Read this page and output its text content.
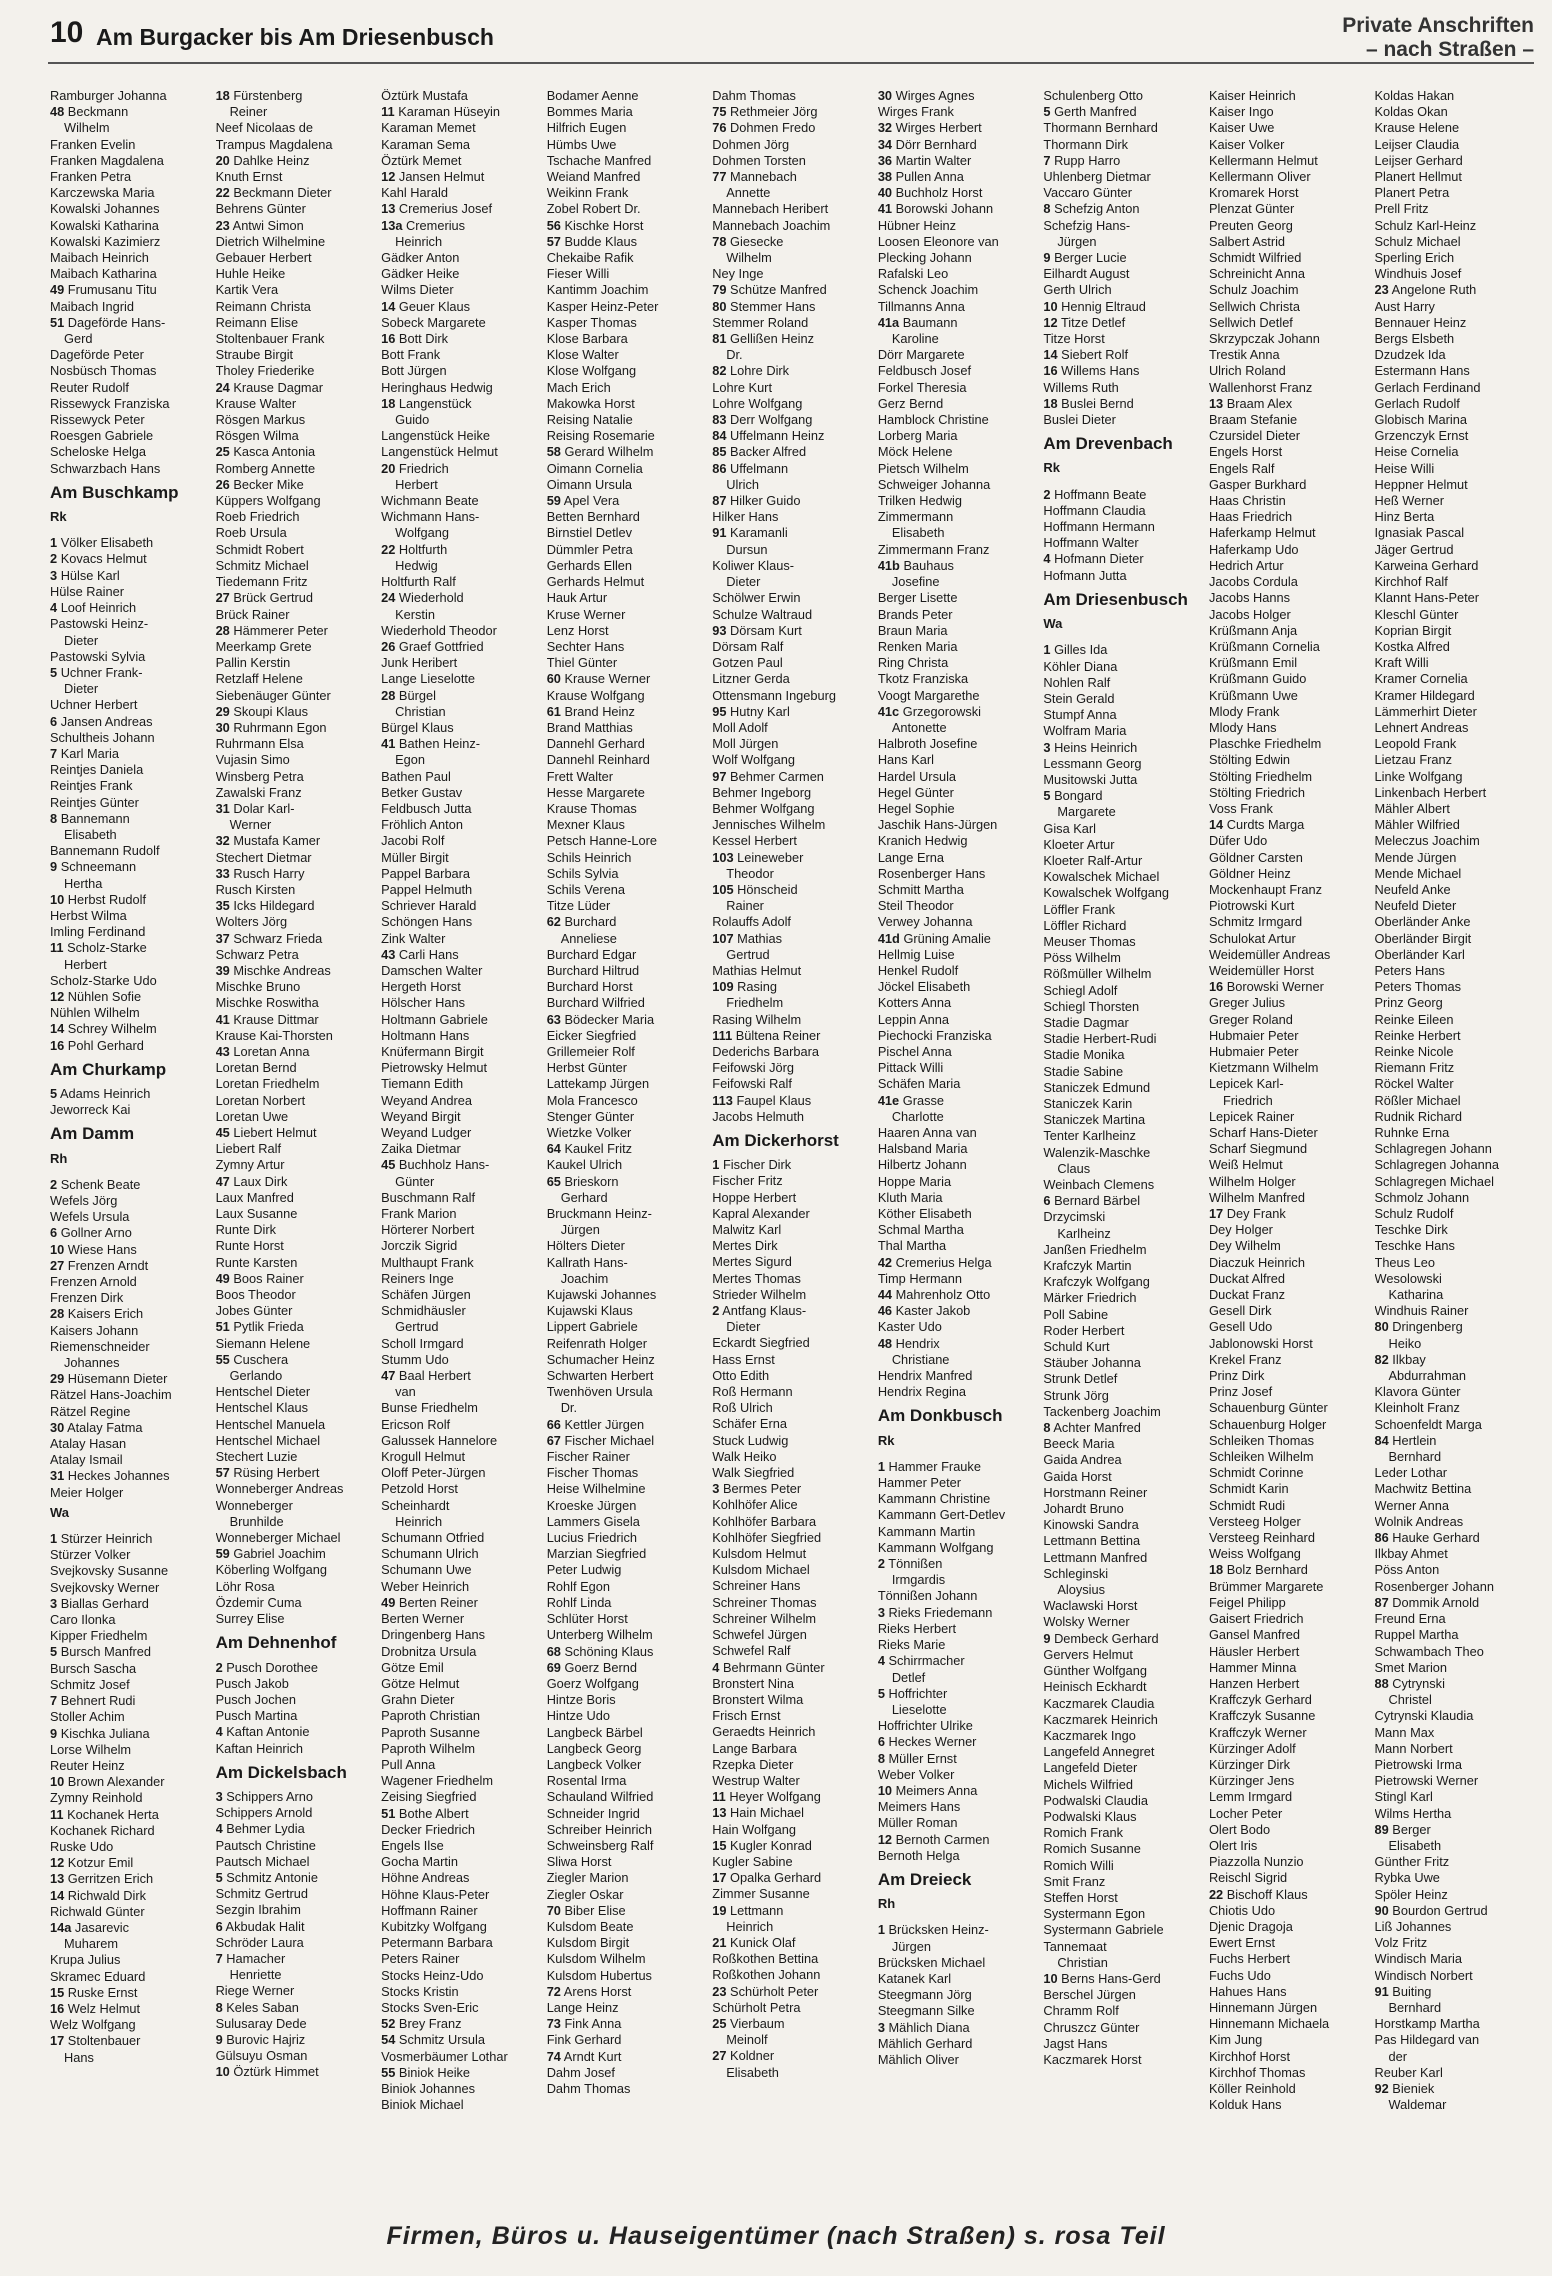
10 Am Burgacker bis Am Driesenbusch	Private Anschriften
– nach Straßen –
Ramburger Johanna
48 Beckmann
Wilhelm
Franken Evelin
Franken Magdalena
Franken Petra
Karczewska Maria
Kowalski Johannes
Kowalski Katharina
Kowalski Kazimierz
Maibach Heinrich
Maibach Katharina
49 Frumusanu Titu
Maibach Ingrid
51 Dageförde Hans-
Gerd
Dageförde Peter
Nosbüsch Thomas
Reuter Rudolf
Rissewyck Franziska
Rissewyck Peter
Roesgen Gabriele
Scheloske Helga
Schwarzbach Hans
Am Buschkamp
Rk
1 Völker Elisabeth
2 Kovacs Helmut
3 Hülse Karl
Hülse Rainer
4 Loof Heinrich
Pastowski Heinz-
Dieter
Pastowski Sylvia
5 Uchner Frank-
Dieter
Uchner Herbert
6 Jansen Andreas
Schultheis Johann
7 Karl Maria
Reintjes Daniela
Reintjes Frank
Reintjes Günter
8 Bannemann
Elisabeth
Bannemann Rudolf
9 Schneemann
Hertha
10 Herbst Rudolf
Herbst Wilma
Imling Ferdinand
11 Scholz-Starke
Herbert
Scholz-Starke Udo
12 Nühlen Sofie
Nühlen Wilhelm
14 Schrey Wilhelm
16 Pohl Gerhard
Am Churkamp
5 Adams Heinrich
Jeworreck Kai
Am Damm
Rh
2 Schenk Beate
Wefels Jörg
Wefels Ursula
6 Gollner Arno
10 Wiese Hans
27 Frenzen Arndt
Frenzen Arnold
Frenzen Dirk
28 Kaisers Erich
Kaisers Johann
Riemenschneider
Johannes
29 Hüsemann Dieter
Rätzel Hans-Joachim
Rätzel Regine
30 Atalay Fatma
Atalay Hasan
Atalay Ismail
31 Heckes Johannes
Meier Holger
Wa
1 Stürzer Heinrich
Stürzer Volker
Svejkovsky Susanne
Svejkovsky Werner
3 Biallas Gerhard
Caro Ilonka
Kipper Friedhelm
5 Bursch Manfred
Bursch Sascha
Schmitz Josef
7 Behnert Rudi
Stoller Achim
9 Kischka Juliana
Lorse Wilhelm
Reuter Heinz
10 Brown Alexander
Zymny Reinhold
11 Kochanek Herta
Kochanek Richard
Ruske Udo
12 Kotzur Emil
13 Gerritzen Erich
14 Richwald Dirk
Richwald Günter
14a Jasarevic
Muharem
Krupa Julius
Skramec Eduard
15 Ruske Ernst
16 Welz Helmut
Welz Wolfgang
17 Stoltenbauer
Hans
18 Fürstenberg
Reiner
Neef Nicolaas de
Trampus Magdalena
20 Dahlke Heinz
Knuth Ernst
22 Beckmann Dieter
Behrens Günter
23 Antwi Simon
Dietrich Wilhelmine
Gebauer Herbert
Huhle Heike
Kartik Vera
Reimann Christa
Reimann Elise
Stoltenbauer Frank
Straube Birgit
Tholey Friederike
24 Krause Dagmar
Krause Walter
Rösgen Markus
Rösgen Wilma
25 Kasca Antonia
Romberg Annette
26 Becker Mike
Küppers Wolfgang
Roeb Friedrich
Roeb Ursula
Schmidt Robert
Schmitz Michael
Tiedemann Fritz
27 Brück Gertrud
Brück Rainer
28 Hämmerer Peter
Meerkamp Grete
Pallin Kerstin
Retzlaff Helene
Siebenäuger Günter
29 Skoupi Klaus
30 Ruhrmann Egon
Ruhrmann Elsa
Vujasin Simo
Winsberg Petra
Zawalski Franz
31 Dolar Karl-
Werner
32 Mustafa Kamer
Stechert Dietmar
33 Rusch Harry
Rusch Kirsten
35 Icks Hildegard
Wolters Jörg
37 Schwarz Frieda
Schwarz Petra
39 Mischke Andreas
Mischke Bruno
Mischke Roswitha
41 Krause Dittmar
Krause Kai-Thorsten
43 Loretan Anna
Loretan Bernd
Loretan Friedhelm
Loretan Norbert
Loretan Uwe
45 Liebert Helmut
Liebert Ralf
Zymny Artur
47 Laux Dirk
Laux Manfred
Laux Susanne
Runte Dirk
Runte Horst
Runte Karsten
49 Boos Rainer
Boos Theodor
Jobes Günter
51 Pytlik Frieda
Siemann Helene
55 Cuschera
Gerlando
Hentschel Dieter
Hentschel Klaus
Hentschel Manuela
Hentschel Michael
Stechert Luzie
57 Rüsing Herbert
Wonneberger Andreas
Wonneberger
Brunhilde
Wonneberger Michael
59 Gabriel Joachim
Köberling Wolfgang
Löhr Rosa
Özdemir Cuma
Surrey Elise
Am Dehnenhof
2 Pusch Dorothee
Pusch Jakob
Pusch Jochen
Pusch Martina
4 Kaftan Antonie
Kaftan Heinrich
Am Dickelsbach
3 Schippers Arno
Schippers Arnold
4 Behmer Lydia
Pautsch Christine
Pautsch Michael
5 Schmitz Antonie
Schmitz Gertrud
Sezgin Ibrahim
6 Akbudak Halit
Schröder Laura
7 Hamacher
Henriette
Riege Werner
8 Keles Saban
Sulusaray Dede
9 Burovic Hajriz
Gülsuyu Osman
10 Öztürk Himmet
Öztürk Mustafa
11 Karaman Hüseyin
Karaman Memet
Karaman Sema
Öztürk Memet
12 Jansen Helmut
Kahl Harald
13 Cremerius Josef
13a Cremerius
Heinrich
Gädker Anton
Gädker Heike
Wilms Dieter
14 Geuer Klaus
Sobeck Margarete
16 Bott Dirk
Bott Frank
Bott Jürgen
Heringhaus Hedwig
18 Langenstück
Guido
Langenstück Heike
Langenstück Helmut
20 Friedrich
Herbert
Wichmann Beate
Wichmann Hans-
Wolfgang
22 Holtfurth
Hedwig
Holtfurth Ralf
24 Wiederhold
Kerstin
Wiederhold Theodor
26 Graef Gottfried
Junk Heribert
Lange Lieselotte
28 Bürgel
Christian
Bürgel Klaus
41 Bathen Heinz-
Egon
Bathen Paul
Betker Gustav
Feldbusch Jutta
Fröhlich Anton
Jacobi Rolf
Müller Birgit
Pappel Barbara
Pappel Helmuth
Schriever Harald
Schöngen Hans
Zink Walter
43 Carli Hans
Damschen Walter
Hergeth Horst
Hölscher Hans
Holtmann Gabriele
Holtmann Hans
Knüfermann Birgit
Pietrowsky Helmut
Tiemann Edith
Weyand Andrea
Weyand Birgit
Weyand Ludger
Zaika Dietmar
45 Buchholz Hans-
Günter
Buschmann Ralf
Frank Marion
Hörterer Norbert
Jorczik Sigrid
Multhaupt Frank
Reiners Inge
Schäfen Jürgen
Schmidhäusler
Gertrud
Scholl Irmgard
Stumm Udo
47 Baal Herbert
van
Bunse Friedhelm
Ericson Rolf
Galussek Hannelore
Krogull Helmut
Oloff Peter-Jürgen
Petzold Horst
Scheinhardt
Heinrich
Schumann Otfried
Schumann Ulrich
Schumann Uwe
Weber Heinrich
49 Berten Reiner
Berten Werner
Dringenberg Hans
Drobnitza Ursula
Götze Emil
Götze Helmut
Grahn Dieter
Paproth Christian
Paproth Susanne
Paproth Wilhelm
Pull Anna
Wagener Friedhelm
Zeising Siegfried
51 Bothe Albert
Decker Friedrich
Engels Ilse
Gocha Martin
Höhne Andreas
Höhne Klaus-Peter
Hoffmann Rainer
Kubitzky Wolfgang
Petermann Barbara
Peters Rainer
Stocks Heinz-Udo
Stocks Kristin
Stocks Sven-Eric
52 Brey Franz
54 Schmitz Ursula
Vosmerbäumer Lothar
55 Biniok Heike
Biniok Johannes
Biniok Michael
Bodamer Aenne
Bommes Maria
Hilfrich Eugen
Hümbs Uwe
Tschache Manfred
Weiand Manfred
Weikinn Frank
Zobel Robert Dr.
56 Kischke Horst
57 Budde Klaus
Chekaibe Rafik
Fieser Willi
Kantimm Joachim
Kasper Heinz-Peter
Kasper Thomas
Klose Barbara
Klose Walter
Klose Wolfgang
Mach Erich
Makowka Horst
Reising Natalie
Reising Rosemarie
58 Gerard Wilhelm
Oimann Cornelia
Oimann Ursula
59 Apel Vera
Betten Bernhard
Birnstiel Detlev
Dümmler Petra
Gerhards Ellen
Gerhards Helmut
Hauk Artur
Kruse Werner
Lenz Horst
Sechter Hans
Thiel Günter
60 Krause Werner
Krause Wolfgang
61 Brand Heinz
Brand Matthias
Dannehl Gerhard
Dannehl Reinhard
Frett Walter
Hesse Margarete
Krause Thomas
Mexner Klaus
Petsch Hanne-Lore
Schils Heinrich
Schils Sylvia
Schils Verena
Titze Lüder
62 Burchard
Anneliese
Burchard Edgar
Burchard Hiltrud
Burchard Horst
Burchard Wilfried
63 Bödecker Maria
Eicker Siegfried
Grillemeier Rolf
Herbst Günter
Lattekamp Jürgen
Mola Francesco
Stenger Günter
Wietzke Volker
64 Kaukel Fritz
Kaukel Ulrich
65 Brieskorn
Gerhard
Bruckmann Heinz-
Jürgen
Hölters Dieter
Kallrath Hans-
Joachim
Kujawski Johannes
Kujawski Klaus
Lippert Gabriele
Reifenrath Holger
Schumacher Heinz
Schwarten Herbert
Twenhöven Ursula
Dr.
66 Kettler Jürgen
67 Fischer Michael
Fischer Rainer
Fischer Thomas
Heise Wilhelmine
Kroeske Jürgen
Lammers Gisela
Lucius Friedrich
Marzian Siegfried
Peter Ludwig
Rohlf Egon
Rohlf Linda
Schlüter Horst
Unterberg Wilhelm
68 Schöning Klaus
69 Goerz Bernd
Goerz Wolfgang
Hintze Boris
Hintze Udo
Langbeck Bärbel
Langbeck Georg
Langbeck Volker
Rosental Irma
Schauland Wilfried
Schneider Ingrid
Schreiber Heinrich
Schweinsberg Ralf
Sliwa Horst
Ziegler Marion
Ziegler Oskar
70 Biber Elise
Kulsdom Beate
Kulsdom Birgit
Kulsdom Wilhelm
Kulsdom Hubertus
72 Arens Horst
Lange Heinz
73 Fink Anna
Fink Gerhard
74 Arndt Kurt
Dahm Josef
Dahm Thomas
Dahm Thomas
75 Rethmeier Jörg
76 Dohmen Fredo
Dohmen Jörg
Dohmen Torsten
77 Mannebach
Annette
Mannebach Heribert
Mannebach Joachim
78 Giesecke
Wilhelm
Ney Inge
79 Schütze Manfred
80 Stemmer Hans
Stemmer Roland
81 Gellißen Heinz
Dr.
82 Lohre Dirk
Lohre Kurt
Lohre Wolfgang
83 Derr Wolfgang
84 Uffelmann Heinz
85 Backer Alfred
86 Uffelmann
Ulrich
87 Hilker Guido
Hilker Hans
91 Karamanli
Dursun
Koliwer Klaus-
Dieter
Schölwer Erwin
Schulze Waltraud
93 Dörsam Kurt
Dörsam Ralf
Gotzen Paul
Litzner Gerda
Ottensmann Ingeburg
95 Hutny Karl
Moll Adolf
Moll Jürgen
Wolf Wolfgang
97 Behmer Carmen
Behmer Ingeborg
Behmer Wolfgang
Jennisches Wilhelm
Kessel Herbert
103 Leineweber
Theodor
105 Hönscheid
Rainer
Rolauffs Adolf
107 Mathias
Gertrud
Mathias Helmut
109 Rasing
Friedhelm
Rasing Wilhelm
111 Bültena Reiner
Dederichs Barbara
Feifowski Jörg
Feifowski Ralf
113 Faupel Klaus
Jacobs Helmuth
Am Dickerhorst
1 Fischer Dirk
Fischer Fritz
Hoppe Herbert
Kapral Alexander
Malwitz Karl
Mertes Dirk
Mertes Sigurd
Mertes Thomas
Strieder Wilhelm
2 Antfang Klaus-
Dieter
Eckardt Siegfried
Hass Ernst
Otto Edith
Roß Hermann
Roß Ulrich
Schäfer Erna
Stuck Ludwig
Walk Heiko
Walk Siegfried
3 Bermes Peter
Kohlhöfer Alice
Kohlhöfer Barbara
Kohlhöfer Siegfried
Kulsdom Helmut
Kulsdom Michael
Schreiner Hans
Schreiner Thomas
Schreiner Wilhelm
Schwefel Jürgen
Schwefel Ralf
4 Behrmann Günter
Bronstert Nina
Bronstert Wilma
Frisch Ernst
Geraedts Heinrich
Lange Barbara
Rzepka Dieter
Westrup Walter
11 Heyer Wolfgang
13 Hain Michael
Hain Wolfgang
15 Kugler Konrad
Kugler Sabine
17 Opalka Gerhard
Zimmer Susanne
19 Lettmann
Heinrich
21 Kunick Olaf
Roßkothen Bettina
Roßkothen Johann
23 Schürholt Peter
Schürholt Petra
25 Vierbaum
Meinolf
27 Koldner
Elisabeth
30 Wirges Agnes
Wirges Frank
32 Wirges Herbert
34 Dörr Bernhard
36 Martin Walter
38 Pullen Anna
40 Buchholz Horst
41 Borowski Johann
Hübner Heinz
Loosen Eleonore van
Plecking Johann
Rafalski Leo
Schenck Joachim
Tillmanns Anna
41a Baumann
Karoline
Dörr Margarete
Feldbusch Josef
Forkel Theresia
Gerz Bernd
Hamblock Christine
Lorberg Maria
Möck Helene
Pietsch Wilhelm
Schweiger Johanna
Trilken Hedwig
Zimmermann
Elisabeth
Zimmermann Franz
41b Bauhaus
Josefine
Berger Lisette
Brands Peter
Braun Maria
Renken Maria
Ring Christa
Tkotz Franziska
Voogt Margarethe
41c Grzegorowski
Antonette
Halbroth Josefine
Hans Karl
Hardel Ursula
Hegel Günter
Hegel Sophie
Jaschik Hans-Jürgen
Kranich Hedwig
Lange Erna
Rosenberger Hans
Schmitt Martha
Steil Theodor
Verwey Johanna
41d Grüning Amalie
Hellmig Luise
Henkel Rudolf
Jöckel Elisabeth
Kotters Anna
Leppin Anna
Piechocki Franziska
Pischel Anna
Pittack Willi
Schäfen Maria
41e Grasse
Charlotte
Haaren Anna van
Halsband Maria
Hilbertz Johann
Hoppe Maria
Kluth Maria
Köther Elisabeth
Schmal Martha
Thal Martha
42 Cremerius Helga
Timp Hermann
44 Mahrenholz Otto
46 Kaster Jakob
Kaster Udo
48 Hendrix
Christiane
Hendrix Manfred
Hendrix Regina
Am Donkbusch
Rk
1 Hammer Frauke
Hammer Peter
Kammann Christine
Kammann Gert-Detlev
Kammann Martin
Kammann Wolfgang
2 Tönnißen
Irmgardis
Tönnißen Johann
3 Rieks Friedemann
Rieks Herbert
Rieks Marie
4 Schirrmacher
Detlef
5 Hoffrichter
Lieselotte
Hoffrichter Ulrike
6 Heckes Werner
8 Müller Ernst
Weber Volker
10 Meimers Anna
Meimers Hans
Müller Roman
12 Bernoth Carmen
Bernoth Helga
Am Dreieck
Rh
1 Brücksken Heinz-
Jürgen
Brücksken Michael
Katanek Karl
Steegmann Jörg
Steegmann Silke
3 Mählich Diana
Mählich Gerhard
Mählich Oliver
Schulenberg Otto
5 Gerth Manfred
Thormann Bernhard
Thormann Dirk
7 Rupp Harro
Uhlenberg Dietmar
Vaccaro Günter
8 Schefzig Anton
Schefzig Hans-
Jürgen
9 Berger Lucie
Eilhardt August
Gerth Ulrich
10 Hennig Eltraud
12 Titze Detlef
Titze Horst
14 Siebert Rolf
16 Willems Hans
Willems Ruth
18 Buslei Bernd
Buslei Dieter
Am Drevenbach
Rk
2 Hoffmann Beate
Hoffmann Claudia
Hoffmann Hermann
Hoffmann Walter
4 Hofmann Dieter
Hofmann Jutta
Am Driesenbusch
Wa
1 Gilles Ida
Köhler Diana
Nohlen Ralf
Stein Gerald
Stumpf Anna
Wolfram Maria
3 Heins Heinrich
Lessmann Georg
Musitowski Jutta
5 Bongard
Margarete
Gisa Karl
Kloeter Artur
Kloeter Ralf-Artur
Kowalschek Michael
Kowalschek Wolfgang
Löffler Frank
Löffler Richard
Meuser Thomas
Pöss Wilhelm
Rößmüller Wilhelm
Schiegl Adolf
Schiegl Thorsten
Stadie Dagmar
Stadie Herbert-Rudi
Stadie Monika
Stadie Sabine
Staniczek Edmund
Staniczek Karin
Staniczek Martina
Tenter Karlheinz
Walenzik-Maschke
Claus
Weinbach Clemens
6 Bernard Bärbel
Drzycimski
Karlheinz
Janßen Friedhelm
Krafczyk Martin
Krafczyk Wolfgang
Märker Friedrich
Poll Sabine
Roder Herbert
Schuld Kurt
Stäuber Johanna
Strunk Detlef
Strunk Jörg
Tackenberg Joachim
8 Achter Manfred
Beeck Maria
Gaida Andrea
Gaida Horst
Horstmann Reiner
Johardt Bruno
Kinowski Sandra
Lettmann Bettina
Lettmann Manfred
Schleginski
Aloysius
Waclawski Horst
Wolsky Werner
9 Dembeck Gerhard
Gervers Helmut
Günther Wolfgang
Heinisch Eckhardt
Kaczmarek Claudia
Kaczmarek Heinrich
Kaczmarek Ingo
Langefeld Annegret
Langefeld Dieter
Michels Wilfried
Podwalski Claudia
Podwalski Klaus
Romich Frank
Romich Susanne
Romich Willi
Smit Franz
Steffen Horst
Systermann Egon
Systermann Gabriele
Tannemaat
Christian
10 Berns Hans-Gerd
Berschel Jürgen
Chramm Rolf
Chruszcz Günter
Jagst Hans
Kaczmarek Horst
Kaiser Heinrich
Kaiser Ingo
Kaiser Uwe
Kaiser Volker
Kellermann Helmut
Kellermann Oliver
Kromarek Horst
Plenzat Günter
Preuten Georg
Salbert Astrid
Schmidt Wilfried
Schreinicht Anna
Schulz Joachim
Sellwich Christa
Sellwich Detlef
Skrzypczak Johann
Trestik Anna
Ulrich Roland
Wallenhorst Franz
13 Braam Alex
Braam Stefanie
Czursidel Dieter
Engels Horst
Engels Ralf
Gasper Burkhard
Haas Christin
Haas Friedrich
Haferkamp Helmut
Haferkamp Udo
Hedrich Artur
Jacobs Cordula
Jacobs Hanns
Jacobs Holger
Krüßmann Anja
Krüßmann Cornelia
Krüßmann Emil
Krüßmann Guido
Krüßmann Uwe
Mlody Frank
Mlody Hans
Plaschke Friedhelm
Stölting Edwin
Stölting Friedhelm
Stölting Friedrich
Voss Frank
14 Curdts Marga
Düfer Udo
Göldner Carsten
Göldner Heinz
Mockenhaupt Franz
Piotrowski Kurt
Schmitz Irmgard
Schulokat Artur
Weidemüller Andreas
Weidemüller Horst
16 Borowski Werner
Greger Julius
Greger Roland
Hubmaier Peter
Hubmaier Peter
Kietzmann Wilhelm
Lepicek Karl-
Friedrich
Lepicek Rainer
Scharf Hans-Dieter
Scharf Siegmund
Weiß Helmut
Wilhelm Holger
Wilhelm Manfred
17 Dey Frank
Dey Holger
Dey Wilhelm
Diaczuk Heinrich
Duckat Alfred
Duckat Franz
Gesell Dirk
Gesell Udo
Jablonowski Horst
Krekel Franz
Prinz Dirk
Prinz Josef
Schauenburg Günter
Schauenburg Holger
Schleiken Thomas
Schleiken Wilhelm
Schmidt Corinne
Schmidt Karin
Schmidt Rudi
Versteeg Holger
Versteeg Reinhard
Weiss Wolfgang
18 Bolz Bernhard
Brümmer Margarete
Feigel Philipp
Gaisert Friedrich
Gansel Manfred
Häusler Herbert
Hammer Minna
Hanzen Herbert
Kraffczyk Gerhard
Kraffczyk Susanne
Kraffczyk Werner
Kürzinger Adolf
Kürzinger Dirk
Kürzinger Jens
Lemm Irmgard
Locher Peter
Olert Bodo
Olert Iris
Piazzolla Nunzio
Reischl Sigrid
22 Bischoff Klaus
Chiotis Udo
Djenic Dragoja
Ewert Ernst
Fuchs Herbert
Fuchs Udo
Hahues Hans
Hinnemann Jürgen
Hinnemann Michaela
Kim Jung
Kirchhof Horst
Kirchhof Thomas
Köller Reinhold
Kolduk Hans
Koldas Hakan
Koldas Okan
Krause Helene
Leijser Claudia
Leijser Gerhard
Planert Hellmut
Planert Petra
Prell Fritz
Schulz Karl-Heinz
Schulz Michael
Sperling Erich
Windhuis Josef
23 Angelone Ruth
Aust Harry
Bennauer Heinz
Bergs Elsbeth
Dzudzek Ida
Estermann Hans
Gerlach Ferdinand
Gerlach Rudolf
Globisch Marina
Grzenczyk Ernst
Heise Cornelia
Heise Willi
Heppner Helmut
Heß Werner
Hinz Berta
Ignasiak Pascal
Jäger Gertrud
Karweina Gerhard
Kirchhof Ralf
Klannt Hans-Peter
Kleschl Günter
Koprian Birgit
Kostka Alfred
Kraft Willi
Kramer Cornelia
Kramer Hildegard
Lämmerhirt Dieter
Lehnert Andreas
Leopold Frank
Lietzau Franz
Linke Wolfgang
Linkenbach Herbert
Mähler Albert
Mähler Wilfried
Meleczus Joachim
Mende Jürgen
Mende Michael
Neufeld Anke
Neufeld Dieter
Oberländer Anke
Oberländer Birgit
Oberländer Karl
Peters Hans
Peters Thomas
Prinz Georg
Reinke Eileen
Reinke Herbert
Reinke Nicole
Riemann Fritz
Röckel Walter
Rößler Michael
Rudnik Richard
Ruhnke Erna
Schlagregen Johann
Schlagregen Johanna
Schlagregen Michael
Schmolz Johann
Schulz Rudolf
Teschke Dirk
Teschke Hans
Theus Leo
Wesolowski
Katharina
Windhuis Rainer
80 Dringenberg
Heiko
82 Ilkbay
Abdurrahman
Klavora Günter
Kleinholt Franz
Schoenfeldt Marga
84 Hertlein
Bernhard
Leder Lothar
Machwitz Bettina
Werner Anna
Wolnik Andreas
86 Hauke Gerhard
Ilkbay Ahmet
Pöss Anton
Rosenberger Johann
87 Dommik Arnold
Freund Erna
Ruppel Martha
Schwambach Theo
Smet Marion
88 Cytrynski
Christel
Cytrynski Klaudia
Mann Max
Mann Norbert
Pietrowski Irma
Pietrowski Werner
Stingl Karl
Wilms Hertha
89 Berger
Elisabeth
Günther Fritz
Rybka Uwe
Spöler Heinz
90 Bourdon Gertrud
Liß Johannes
Volz Fritz
Windisch Maria
Windisch Norbert
91 Buiting
Bernhard
Horstkamp Martha
Pas Hildegard van
der
Reuber Karl
92 Bieniek
Waldemar
Firmen, Büros u. Hauseigentümer (nach Straßen) s. rosa Teil
